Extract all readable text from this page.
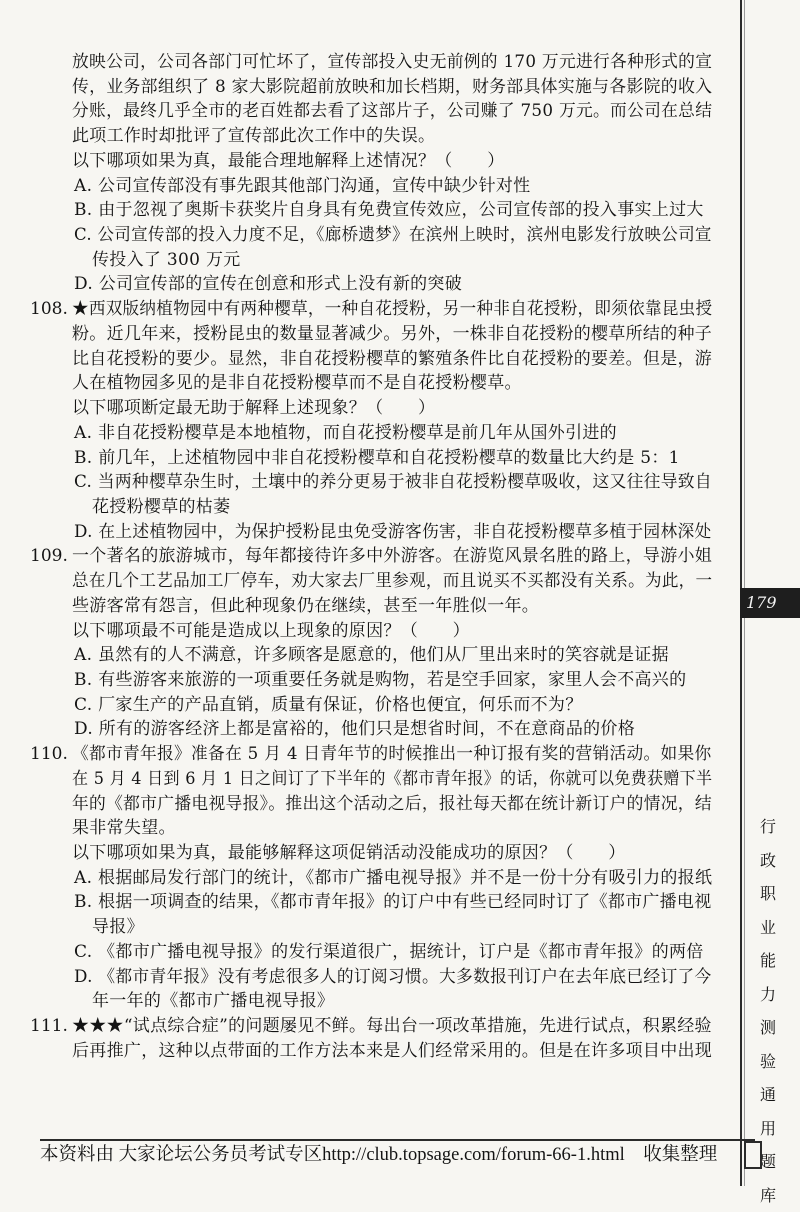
放映公司，公司各部门可忙坏了，宣传部投入史无前例的 170 万元进行各种形式的宣
传，业务部组织了 8 家大影院超前放映和加长档期，财务部具体实施与各影院的收入
分账，最终几乎全市的老百姓都去看了这部片子，公司赚了 750 万元。而公司在总结
此项工作时却批评了宣传部此次工作中的失误。
以下哪项如果为真，最能合理地解释上述情况？（　　）
A. 公司宣传部没有事先跟其他部门沟通，宣传中缺少针对性
B. 由于忽视了奥斯卡获奖片自身具有免费宣传效应，公司宣传部的投入事实上过大
C. 公司宣传部的投入力度不足，《廊桥遗梦》在滨州上映时，滨州电影发行放映公司宣
传投入了 300 万元
D. 公司宣传部的宣传在创意和形式上没有新的突破
108. ★西双版纳植物园中有两种樱草，一种自花授粉，另一种非自花授粉，即须依靠昆虫授
粉。近几年来，授粉昆虫的数量显著减少。另外，一株非自花授粉的樱草所结的种子
比自花授粉的要少。显然，非自花授粉樱草的繁殖条件比自花授粉的要差。但是，游
人在植物园多见的是非自花授粉樱草而不是自花授粉樱草。
以下哪项断定最无助于解释上述现象？（　　）
A. 非自花授粉樱草是本地植物，而自花授粉樱草是前几年从国外引进的
B. 前几年，上述植物园中非自花授粉樱草和自花授粉樱草的数量比大约是 5：1
C. 当两种樱草杂生时，土壤中的养分更易于被非自花授粉樱草吸收，这又往往导致自
花授粉樱草的枯萎
D. 在上述植物园中，为保护授粉昆虫免受游客伤害，非自花授粉樱草多植于园林深处
109. 一个著名的旅游城市，每年都接待许多中外游客。在游览风景名胜的路上，导游小姐
总在几个工艺品加工厂停车，劝大家去厂里参观，而且说买不买都没有关系。为此，一
些游客常有怨言，但此种现象仍在继续，甚至一年胜似一年。
以下哪项最不可能是造成以上现象的原因？（　　）
A. 虽然有的人不满意，许多顾客是愿意的，他们从厂里出来时的笑容就是证据
B. 有些游客来旅游的一项重要任务就是购物，若是空手回家，家里人会不高兴的
C. 厂家生产的产品直销，质量有保证，价格也便宜，何乐而不为？
D. 所有的游客经济上都是富裕的，他们只是想省时间，不在意商品的价格
110. 《都市青年报》准备在 5 月 4 日青年节的时候推出一种订报有奖的营销活动。如果你
在 5 月 4 日到 6 月 1 日之间订了下半年的《都市青年报》的话，你就可以免费获赠下半
年的《都市广播电视导报》。推出这个活动之后，报社每天都在统计新订户的情况，结
果非常失望。
以下哪项如果为真，最能够解释这项促销活动没能成功的原因？（　　）
A. 根据邮局发行部门的统计，《都市广播电视导报》并不是一份十分有吸引力的报纸
B. 根据一项调查的结果，《都市青年报》的订户中有些已经同时订了《都市广播电视
导报》
C. 《都市广播电视导报》的发行渠道很广，据统计，订户是《都市青年报》的两倍
D. 《都市青年报》没有考虑很多人的订阅习惯。大多数报刊订户在去年底已经订了今
年一年的《都市广播电视导报》
111. ★★★“试点综合症”的问题屡见不鲜。每出台一项改革措施，先进行试点，积累经验
后再推广，这种以点带面的工作方法本来是人们经常采用的。但是在许多项目中出现
179
行政职业能力测验通用题库
本资料由 大家论坛公务员考试专区http://club.topsage.com/forum-66-1.html　收集整理
